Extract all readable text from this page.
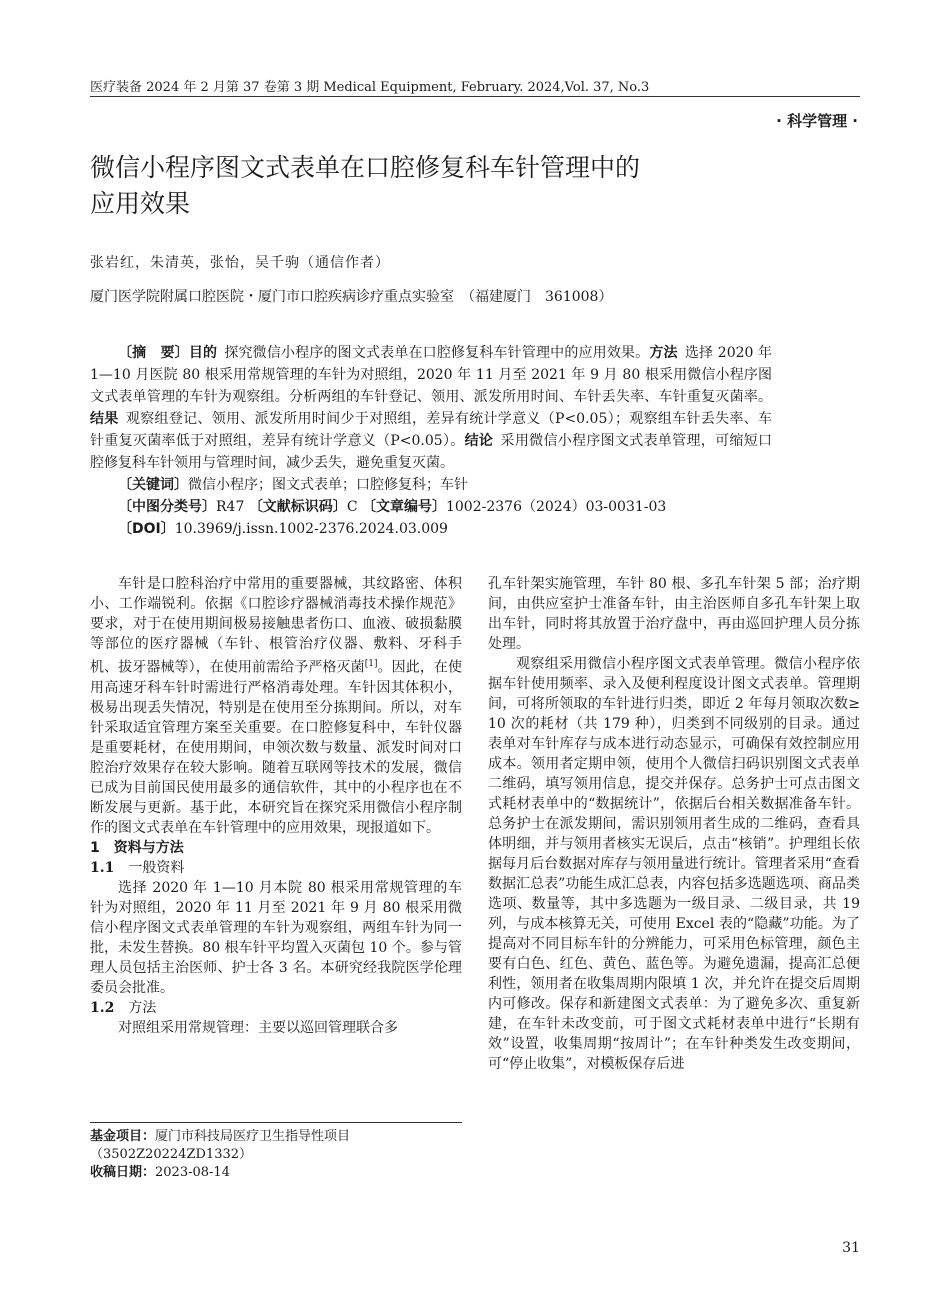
医疗装备 2024 年 2 月第 37 卷第 3 期 Medical Equipment, February. 2024,Vol. 37, No.3
· 科学管理 ·
微信小程序图文式表单在口腔修复科车针管理中的
应用效果
张岩红，朱清英，张怡，吴千驹（通信作者）
厦门医学院附属口腔医院・厦门市口腔疾病诊疗重点实验室　（福建厦门　361008）

〔摘　要〕目的  探究微信小程序的图文式表单在口腔修复科车针管理中的应用效果。方法  选择 2020 年 1—10 月医院 80 根采用常规管理的车针为对照组，2020 年 11 月至 2021 年 9 月 80 根采用微信小程序图文式表单管理的车针为观察组。分析两组的车针登记、领用、派发所用时间、车针丢失率、车针重复灭菌率。结果  观察组登记、领用、派发所用时间少于对照组，差异有统计学意义（P<0.05）；观察组车针丢失率、车针重复灭菌率低于对照组，差异有统计学意义（P<0.05）。结论  采用微信小程序图文式表单管理，可缩短口腔修复科车针领用与管理时间，减少丢失，避免重复灭菌。

〔关键词〕微信小程序；图文式表单；口腔修复科；车针
〔中图分类号〕R47 〔文献标识码〕C 〔文章编号〕1002-2376（2024）03-0031-03
〔DOI〕10.3969/j.issn.1002-2376.2024.03.009

车针是口腔科治疗中常用的重要器械，其纹路密、体积小、工作端锐利。依据《口腔诊疗器械消毒技术操作规范》要求，对于在使用期间极易接触患者伤口、血液、破损黏膜等部位的医疗器械（车针、根管治疗仪器、敷料、牙科手机、拔牙器械等），在使用前需给予严格灭菌[1]。因此，在使用高速牙科车针时需进行严格消毒处理。车针因其体积小，极易出现丢失情况，特别是在使用至分拣期间。所以，对车针采取适宜管理方案至关重要。在口腔修复科中，车针仪器是重要耗材，在使用期间，申领次数与数量、派发时间对口腔治疗效果存在较大影响。随着互联网等技术的发展，微信已成为目前国民使用最多的通信软件，其中的小程序也在不断发展与更新。基于此，本研究旨在探究采用微信小程序制作的图文式表单在车针管理中的应用效果，现报道如下。

1 资料与方法
1.1 一般资料

选择 2020 年 1—10 月本院 80 根采用常规管理的车针为对照组，2020 年 11 月至 2021 年 9 月 80 根采用微信小程序图文式表单管理的车针为观察组，两组车针为同一批，未发生替换。80 根车针平均置入灭菌包 10 个。参与管理人员包括主治医师、护士各 3 名。本研究经我院医学伦理委员会批准。

1.2 方法

对照组采用常规管理：主要以巡回管理联合多

孔车针架实施管理，车针 80 根、多孔车针架 5 部；治疗期间，由供应室护士准备车针，由主治医师自多孔车针架上取出车针，同时将其放置于治疗盘中，再由巡回护理人员分拣处理。

观察组采用微信小程序图文式表单管理。微信小程序依据车针使用频率、录入及便利程度设计图文式表单。管理期间，可将所领取的车针进行归类，即近 2 年每月领取次数≥ 10 次的耗材（共 179 种），归类到不同级别的目录。通过表单对车针库存与成本进行动态显示，可确保有效控制应用成本。领用者定期申领，使用个人微信扫码识别图文式表单二维码，填写领用信息，提交并保存。总务护士可点击图文式耗材表单中的“数据统计”，依据后台相关数据准备车针。总务护士在派发期间，需识别领用者生成的二维码，查看具体明细，并与领用者核实无误后，点击“核销”。护理组长依据每月后台数据对库存与领用量进行统计。管理者采用“查看数据汇总表”功能生成汇总表，内容包括多选题选项、商品类选项、数量等，其中多选题为一级目录、二级目录，共 19 列，与成本核算无关，可使用 Excel 表的“隐藏”功能。为了提高对不同目标车针的分辨能力，可采用色标管理，颜色主要有白色、红色、黄色、蓝色等。为避免遗漏，提高汇总便利性，领用者在收集周期内限填 1 次，并允许在提交后周期内可修改。保存和新建图文式表单：为了避免多次、重复新建，在车针未改变前，可于图文式耗材表单中进行“长期有效”设置，收集周期“按周计”；在车针种类发生改变期间，可“停止收集”，对模板保存后进

基金项目：厦门市科技局医疗卫生指导性项目（3502Z20224ZD1332）

收稿日期：2023-08-14

31
